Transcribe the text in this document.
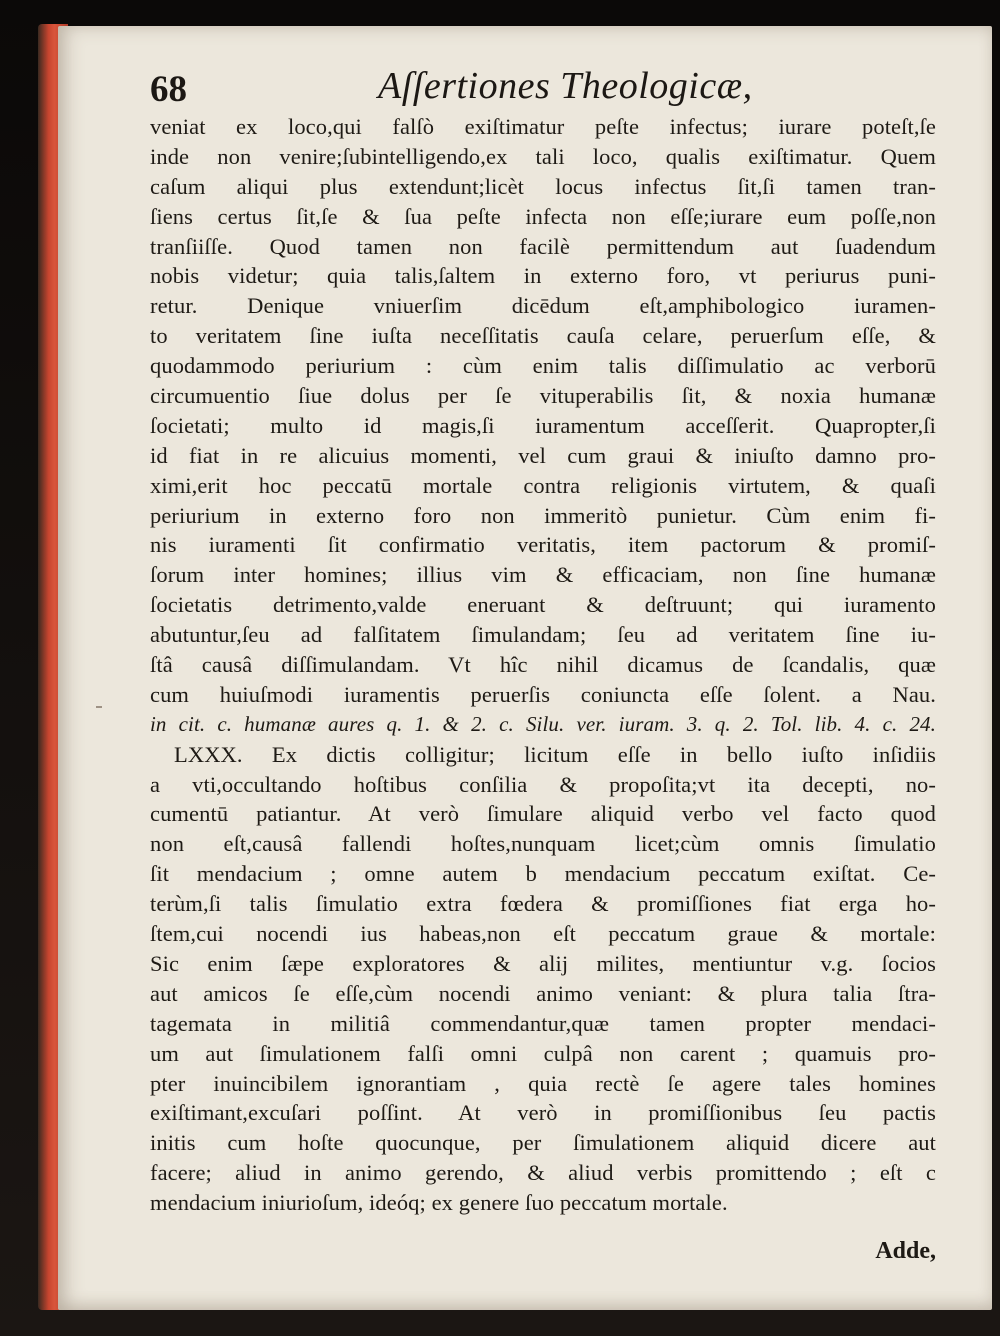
68	Aſſertiones Theologicæ,
veniat ex loco,qui falſò exiſtimatur peſte infectus; iurare poteſt,ſe
inde non venire;ſubintelligendo,ex tali loco, qualis exiſtimatur. Quem
caſum aliqui plus extendunt;licèt locus infectus ſit,ſi tamen tran-
ſiens certus ſit,ſe & ſua peſte infecta non eſſe;iurare eum poſſe,non
tranſiiſſe. Quod tamen non facilè permittendum aut ſuadendum
nobis videtur; quia talis,ſaltem in externo foro, vt periurus puni-
retur. Denique vniuerſim dicēdum eſt,amphibologico iuramen-
to veritatem ſine iuſta neceſſitatis cauſa celare, peruerſum eſſe, &
quodammodo periurium : cùm enim talis diſſimulatio ac verborū
circumuentio ſiue dolus per ſe vituperabilis ſit, & noxia humanæ
ſocietati; multo id magis,ſi iuramentum acceſſerit. Quapropter,ſi
id fiat in re alicuius momenti, vel cum graui & iniuſto damno pro-
ximi,erit hoc peccatū mortale contra religionis virtutem, & quaſi
periurium in externo foro non immeritò punietur. Cùm enim fi-
nis iuramenti ſit confirmatio veritatis, item pactorum & promiſ-
ſorum inter homines; illius vim & efficaciam, non ſine humanæ
ſocietatis detrimento,valde eneruant & deſtruunt; qui iuramento
abutuntur,ſeu ad falſitatem ſimulandam; ſeu ad veritatem ſine iu-
ſtâ causâ diſſimulandam. Vt hîc nihil dicamus de ſcandalis, quæ
cum huiuſmodi iuramentis peruerſis coniuncta eſſe ſolent. a Nau.
in cit. c. humanæ aures q. 1. & 2. c. Silu. ver. iuram. 3. q. 2. Tol. lib. 4. c. 24.
LXXX. Ex dictis colligitur; licitum eſſe in bello iuſto inſidiis
a vti,occultando hoſtibus conſilia & propoſita;vt ita decepti, no-
cumentū patiantur. At verò ſimulare aliquid verbo vel facto quod
non eſt,causâ fallendi hoſtes,nunquam licet;cùm omnis ſimulatio
ſit mendacium ; omne autem b mendacium peccatum exiſtat. Ce-
terùm,ſi talis ſimulatio extra fœdera & promiſſiones fiat erga ho-
ſtem,cui nocendi ius habeas,non eſt peccatum graue & mortale:
Sic enim ſæpe exploratores & alij milites, mentiuntur v.g. ſocios
aut amicos ſe eſſe,cùm nocendi animo veniant: & plura talia ſtra-
tagemata in militiâ commendantur,quæ tamen propter mendaci-
um aut ſimulationem falſi omni culpâ non carent ; quamuis pro-
pter inuincibilem ignorantiam , quia rectè ſe agere tales homines
exiſtimant,excuſari poſſint. At verò in promiſſionibus ſeu pactis
initis cum hoſte quocunque, per ſimulationem aliquid dicere aut
facere; aliud in animo gerendo, & aliud verbis promittendo ; eſt c
mendacium iniurioſum, ideóq; ex genere ſuo peccatum mortale.
Adde,
